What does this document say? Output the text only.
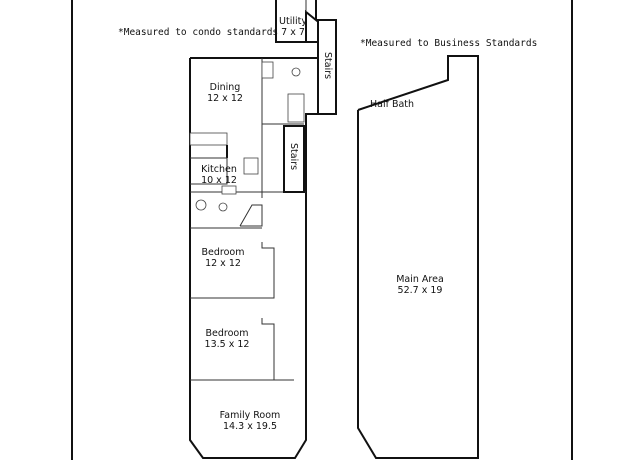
*Measured to condo standards
*Measured to Business Standards
Utility
7 x 7
Stairs
Dining
12 x 12
Stairs
Kitchen
10 x 12
Bedroom
12 x 12
Bedroom
13.5 x 12
Family Room
14.3 x 19.5
Half Bath
Main Area
52.7 x 19
